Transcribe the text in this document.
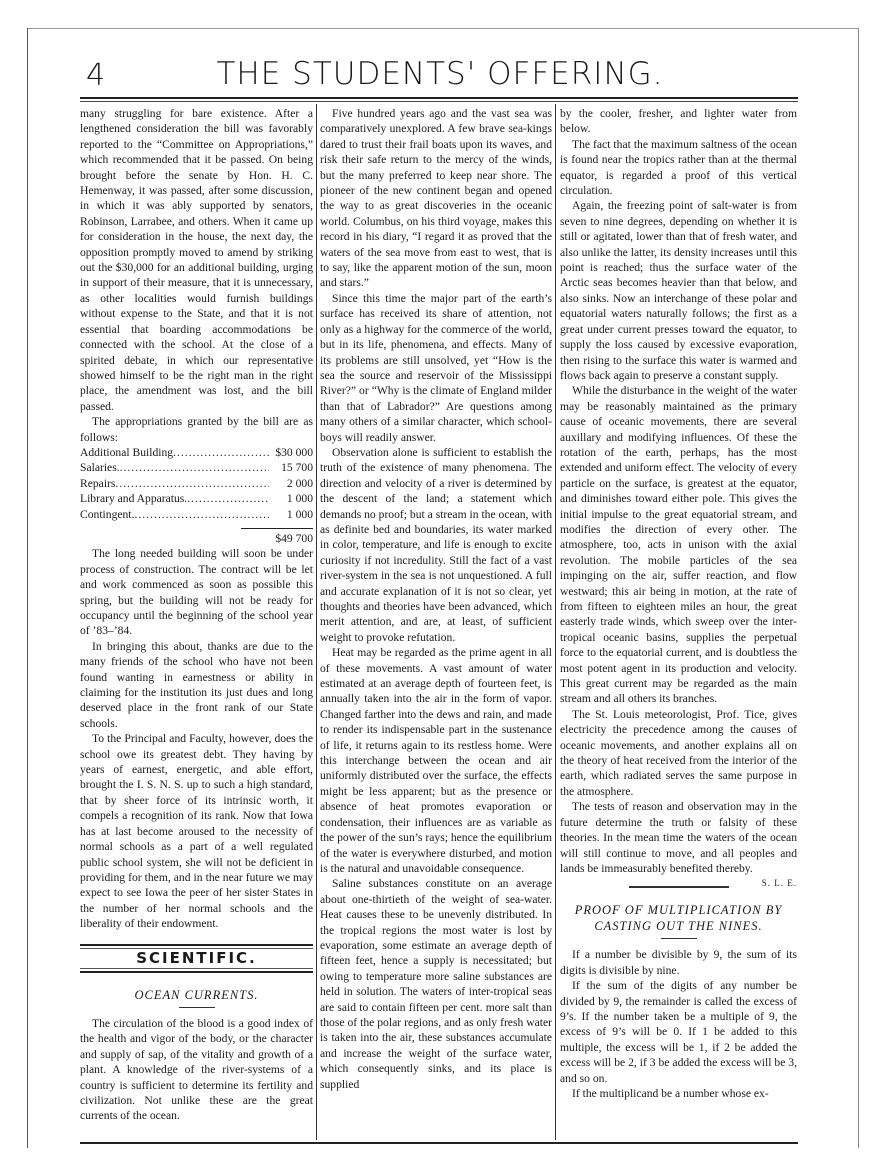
4	THE STUDENTS' OFFERING.

many struggling for bare existence. After a lengthened consideration the bill was favorably reported to the “Committee on Appropriations,” which recommended that it be passed. On being brought before the senate by Hon. H. C. Hemenway, it was passed, after some discussion, in which it was ably supported by senators, Robinson, Larrabee, and others. When it came up for consideration in the house, the next day, the opposition promptly moved to amend by striking out the $30,000 for an additional building, urging in support of their measure, that it is unnecessary, as other localities would furnish buildings without expense to the State, and that it is not essential that boarding accommodations be connected with the school. At the close of a spirited debate, in which our representative showed himself to be the right man in the right place, the amendment was lost, and the bill passed.

The appropriations granted by the bill are as follows:

Additional Building .....	$30 000
Salaries. .....	15 700
Repairs .....	2 000
Library and Apparatus. .....	1 000
Contingent. .....	1 000
$49 700

The long needed building will soon be under process of construction. The contract will be let and work commenced as soon as possible this spring, but the building will not be ready for occupancy until the beginning of the school year of ’83–’84.

In bringing this about, thanks are due to the many friends of the school who have not been found wanting in earnestness or ability in claiming for the institution its just dues and long deserved place in the front rank of our State schools.

To the Principal and Faculty, however, does the school owe its greatest debt. They having by years of earnest, energetic, and able effort, brought the I. S. N. S. up to such a high standard, that by sheer force of its intrinsic worth, it compels a recognition of its rank. Now that Iowa has at last become aroused to the necessity of normal schools as a part of a well regulated public school system, she will not be deficient in providing for them, and in the near future we may expect to see Iowa the peer of her sister States in the number of her normal schools and the liberality of their endowment.

SCIENTIFIC.
OCEAN CURRENTS.

The circulation of the blood is a good index of the health and vigor of the body, or the character and supply of sap, of the vitality and growth of a plant. A knowledge of the river-systems of a country is sufficient to determine its fertility and civilization. Not unlike these are the great currents of the ocean.

Five hundred years ago and the vast sea was comparatively unexplored. A few brave sea-kings dared to trust their frail boats upon its waves, and risk their safe return to the mercy of the winds, but the many preferred to keep near shore. The pioneer of the new continent began and opened the way to as great discoveries in the oceanic world. Columbus, on his third voyage, makes this record in his diary, “I regard it as proved that the waters of the sea move from east to west, that is to say, like the apparent motion of the sun, moon and stars.”

Since this time the major part of the earth’s surface has received its share of attention, not only as a highway for the commerce of the world, but in its life, phenomena, and effects. Many of its problems are still unsolved, yet “How is the sea the source and reservoir of the Mississippi River?” or “Why is the climate of England milder than that of Labrador?” Are questions among many others of a similar character, which school-boys will readily answer.

Observation alone is sufficient to establish the truth of the existence of many phenomena. The direction and velocity of a river is determined by the descent of the land; a statement which demands no proof; but a stream in the ocean, with as definite bed and boundaries, its water marked in color, temperature, and life is enough to excite curiosity if not incredulity. Still the fact of a vast river-system in the sea is not unquestioned. A full and accurate explanation of it is not so clear, yet thoughts and theories have been advanced, which merit attention, and are, at least, of sufficient weight to provoke refutation.

Heat may be regarded as the prime agent in all of these movements. A vast amount of water estimated at an average depth of fourteen feet, is annually taken into the air in the form of vapor. Changed farther into the dews and rain, and made to render its indispensable part in the sustenance of life, it returns again to its restless home. Were this interchange between the ocean and air uniformly distributed over the surface, the effects might be less apparent; but as the presence or absence of heat promotes evaporation or condensation, their influences are as variable as the power of the sun’s rays; hence the equilibrium of the water is everywhere disturbed, and motion is the natural and unavoidable consequence.

Saline substances constitute on an average about one-thirtieth of the weight of sea-water. Heat causes these to be unevenly distributed. In the tropical regions the most water is lost by evaporation, some estimate an average depth of fifteen feet, hence a supply is necessitated; but owing to temperature more saline substances are held in solution. The waters of inter-tropical seas are said to contain fifteen per cent. more salt than those of the polar regions, and as only fresh water is taken into the air, these substances accumulate and increase the weight of the surface water, which consequently sinks, and its place is supplied

by the cooler, fresher, and lighter water from below.

The fact that the maximum saltness of the ocean is found near the tropics rather than at the thermal equator, is regarded a proof of this vertical circulation.

Again, the freezing point of salt-water is from seven to nine degrees, depending on whether it is still or agitated, lower than that of fresh water, and also unlike the latter, its density increases until this point is reached; thus the surface water of the Arctic seas becomes heavier than that below, and also sinks. Now an interchange of these polar and equatorial waters naturally follows; the first as a great under current presses toward the equator, to supply the loss caused by excessive evaporation, then rising to the surface this water is warmed and flows back again to preserve a constant supply.

While the disturbance in the weight of the water may be reasonably maintained as the primary cause of oceanic movements, there are several auxillary and modifying influences. Of these the rotation of the earth, perhaps, has the most extended and uniform effect. The velocity of every particle on the surface, is greatest at the equator, and diminishes toward either pole. This gives the initial impulse to the great equatorial stream, and modifies the direction of every other. The atmosphere, too, acts in unison with the axial revolution. The mobile particles of the sea impinging on the air, suffer reaction, and flow westward; this air being in motion, at the rate of from fifteen to eighteen miles an hour, the great easterly trade winds, which sweep over the inter-tropical oceanic basins, supplies the perpetual force to the equatorial current, and is doubtless the most potent agent in its production and velocity. This great current may be regarded as the main stream and all others its branches.

The St. Louis meteorologist, Prof. Tice, gives electricity the precedence among the causes of oceanic movements, and another explains all on the theory of heat received from the interior of the earth, which radiated serves the same purpose in the atmosphere.

The tests of reason and observation may in the future determine the truth or falsity of these theories. In the mean time the waters of the ocean will still continue to move, and all peoples and lands be immeasurably benefited thereby.
S. L. E.

PROOF OF MULTIPLICATION BY CASTING OUT THE NINES.

If a number be divisible by 9, the sum of its digits is divisible by nine.

If the sum of the digits of any number be divided by 9, the remainder is called the excess of 9’s. If the number taken be a multiple of 9, the excess of 9’s will be 0. If 1 be added to this multiple, the excess will be 1, if 2 be added the excess will be 2, if 3 be added the excess will be 3, and so on.

If the multiplicand be a number whose ex-
